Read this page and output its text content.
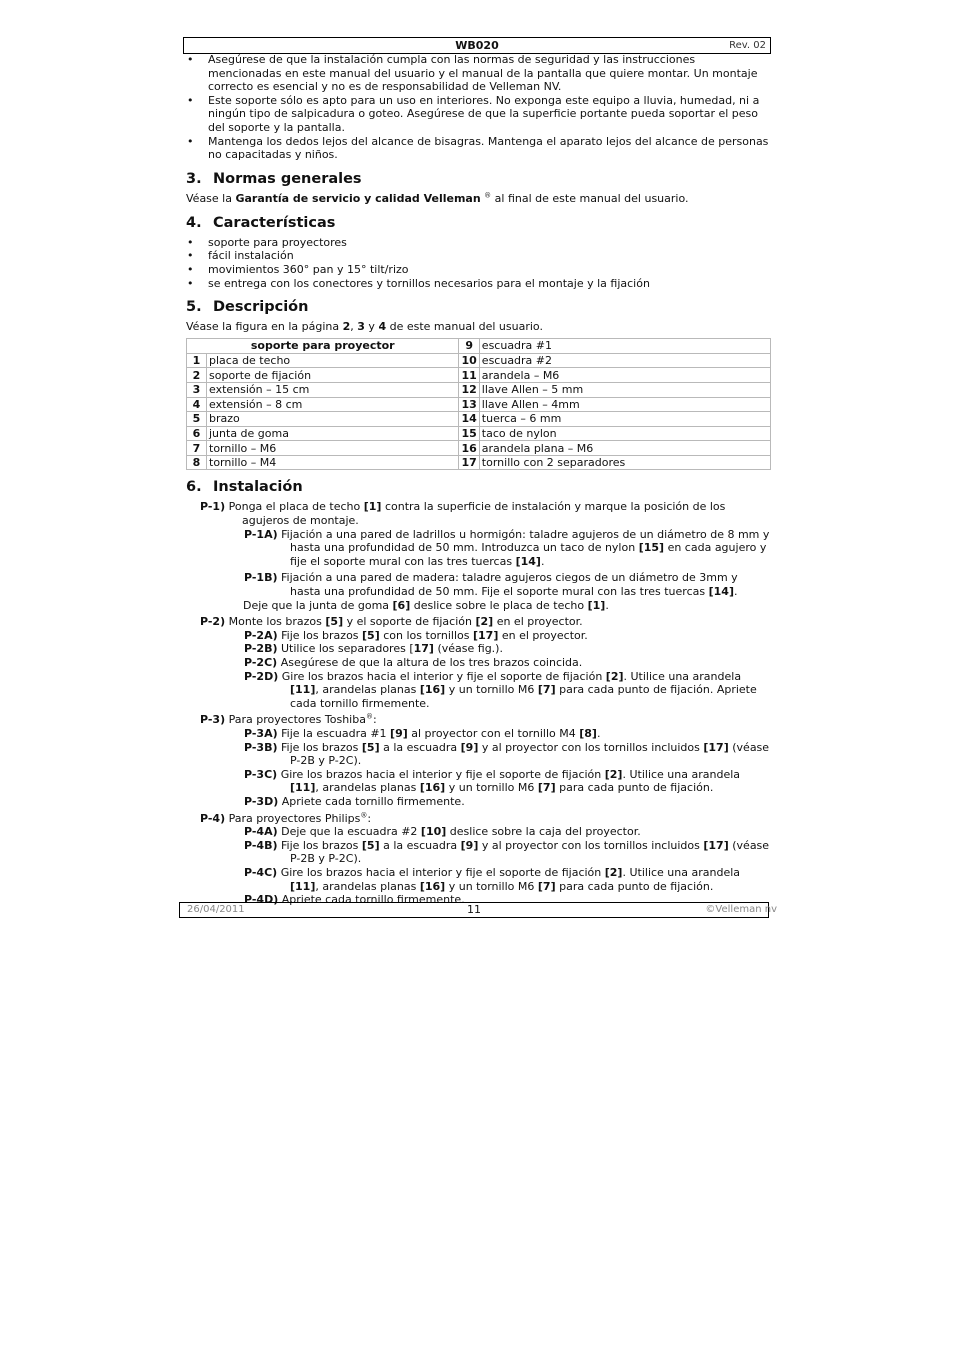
WB020	Rev. 02
• Asegúrese de que la instalación cumpla con las normas de seguridad y las instrucciones mencionadas en este manual del usuario y el manual de la pantalla que quiere montar. Un montaje correcto es esencial y no es de responsabilidad de Velleman NV.
• Este soporte sólo es apto para un uso en interiores. No exponga este equipo a lluvia, humedad, ni a ningún tipo de salpicadura o goteo. Asegúrese de que la superficie portante pueda soportar el peso del soporte y la pantalla.
• Mantenga los dedos lejos del alcance de bisagras. Mantenga el aparato lejos del alcance de personas no capacitadas y niños.
3. Normas generales

Véase la Garantía de servicio y calidad Velleman ® al final de este manual del usuario.

4. Características
• soporte para proyectores
• fácil instalación
• movimientos 360° pan y 15° tilt/rizo
• se entrega con los conectores y tornillos necesarios para el montaje y la fijación
5. Descripción

Véase la figura en la página 2, 3 y 4 de este manual del usuario.

soporte para proyector		9	escuadra #1
1	placa de techo	10	escuadra #2
2	soporte de fijación	11	arandela – M6
3	extensión – 15 cm	12	llave Allen – 5 mm
4	extensión – 8 cm	13	llave Allen – 4mm
5	brazo	14	tuerca – 6 mm
6	junta de goma	15	taco de nylon
7	tornillo – M6	16	arandela plana – M6
8	tornillo – M4	17	tornillo con 2 separadores
6. Instalación
P-1) Ponga el placa de techo [1] contra la superficie de instalación y marque la posición de los agujeros de montaje.
P-1A) Fijación a una pared de ladrillos u hormigón: taladre agujeros de un diámetro de 8 mm y hasta una profundidad de 50 mm. Introduzca un taco de nylon [15] en cada agujero y fije el soporte mural con las tres tuercas [14].
P-1B) Fijación a una pared de madera: taladre agujeros ciegos de un diámetro de 3mm y hasta una profundidad de 50 mm. Fije el soporte mural con las tres tuercas [14].
Deje que la junta de goma [6] deslice sobre le placa de techo [1].
P-2) Monte los brazos [5] y el soporte de fijación [2] en el proyector.
P-2A) Fije los brazos [5] con los tornillos [17] en el proyector.
P-2B) Utilice los separadores [17] (véase fig.).
P-2C) Asegúrese de que la altura de los tres brazos coincida.
P-2D) Gire los brazos hacia el interior y fije el soporte de fijación [2]. Utilice una arandela [11], arandelas planas [16] y un tornillo M6 [7] para cada punto de fijación. Apriete cada tornillo firmemente.
P-3) Para proyectores Toshiba®:
P-3A) Fije la escuadra #1 [9] al proyector con el tornillo M4 [8].
P-3B) Fije los brazos [5] a la escuadra [9] y al proyector con los tornillos incluidos [17] (véase P-2B y P-2C).
P-3C) Gire los brazos hacia el interior y fije el soporte de fijación [2]. Utilice una arandela [11], arandelas planas [16] y un tornillo M6 [7] para cada punto de fijación.
P-3D) Apriete cada tornillo firmemente.
P-4) Para proyectores Philips®:
P-4A) Deje que la escuadra #2 [10] deslice sobre la caja del proyector.
P-4B) Fije los brazos [5] a la escuadra [9] y al proyector con los tornillos incluidos [17] (véase P-2B y P-2C).
P-4C) Gire los brazos hacia el interior y fije el soporte de fijación [2]. Utilice una arandela [11], arandelas planas [16] y un tornillo M6 [7] para cada punto de fijación.
P-4D) Apriete cada tornillo firmemente.
26/04/2011	11	©Velleman nv
